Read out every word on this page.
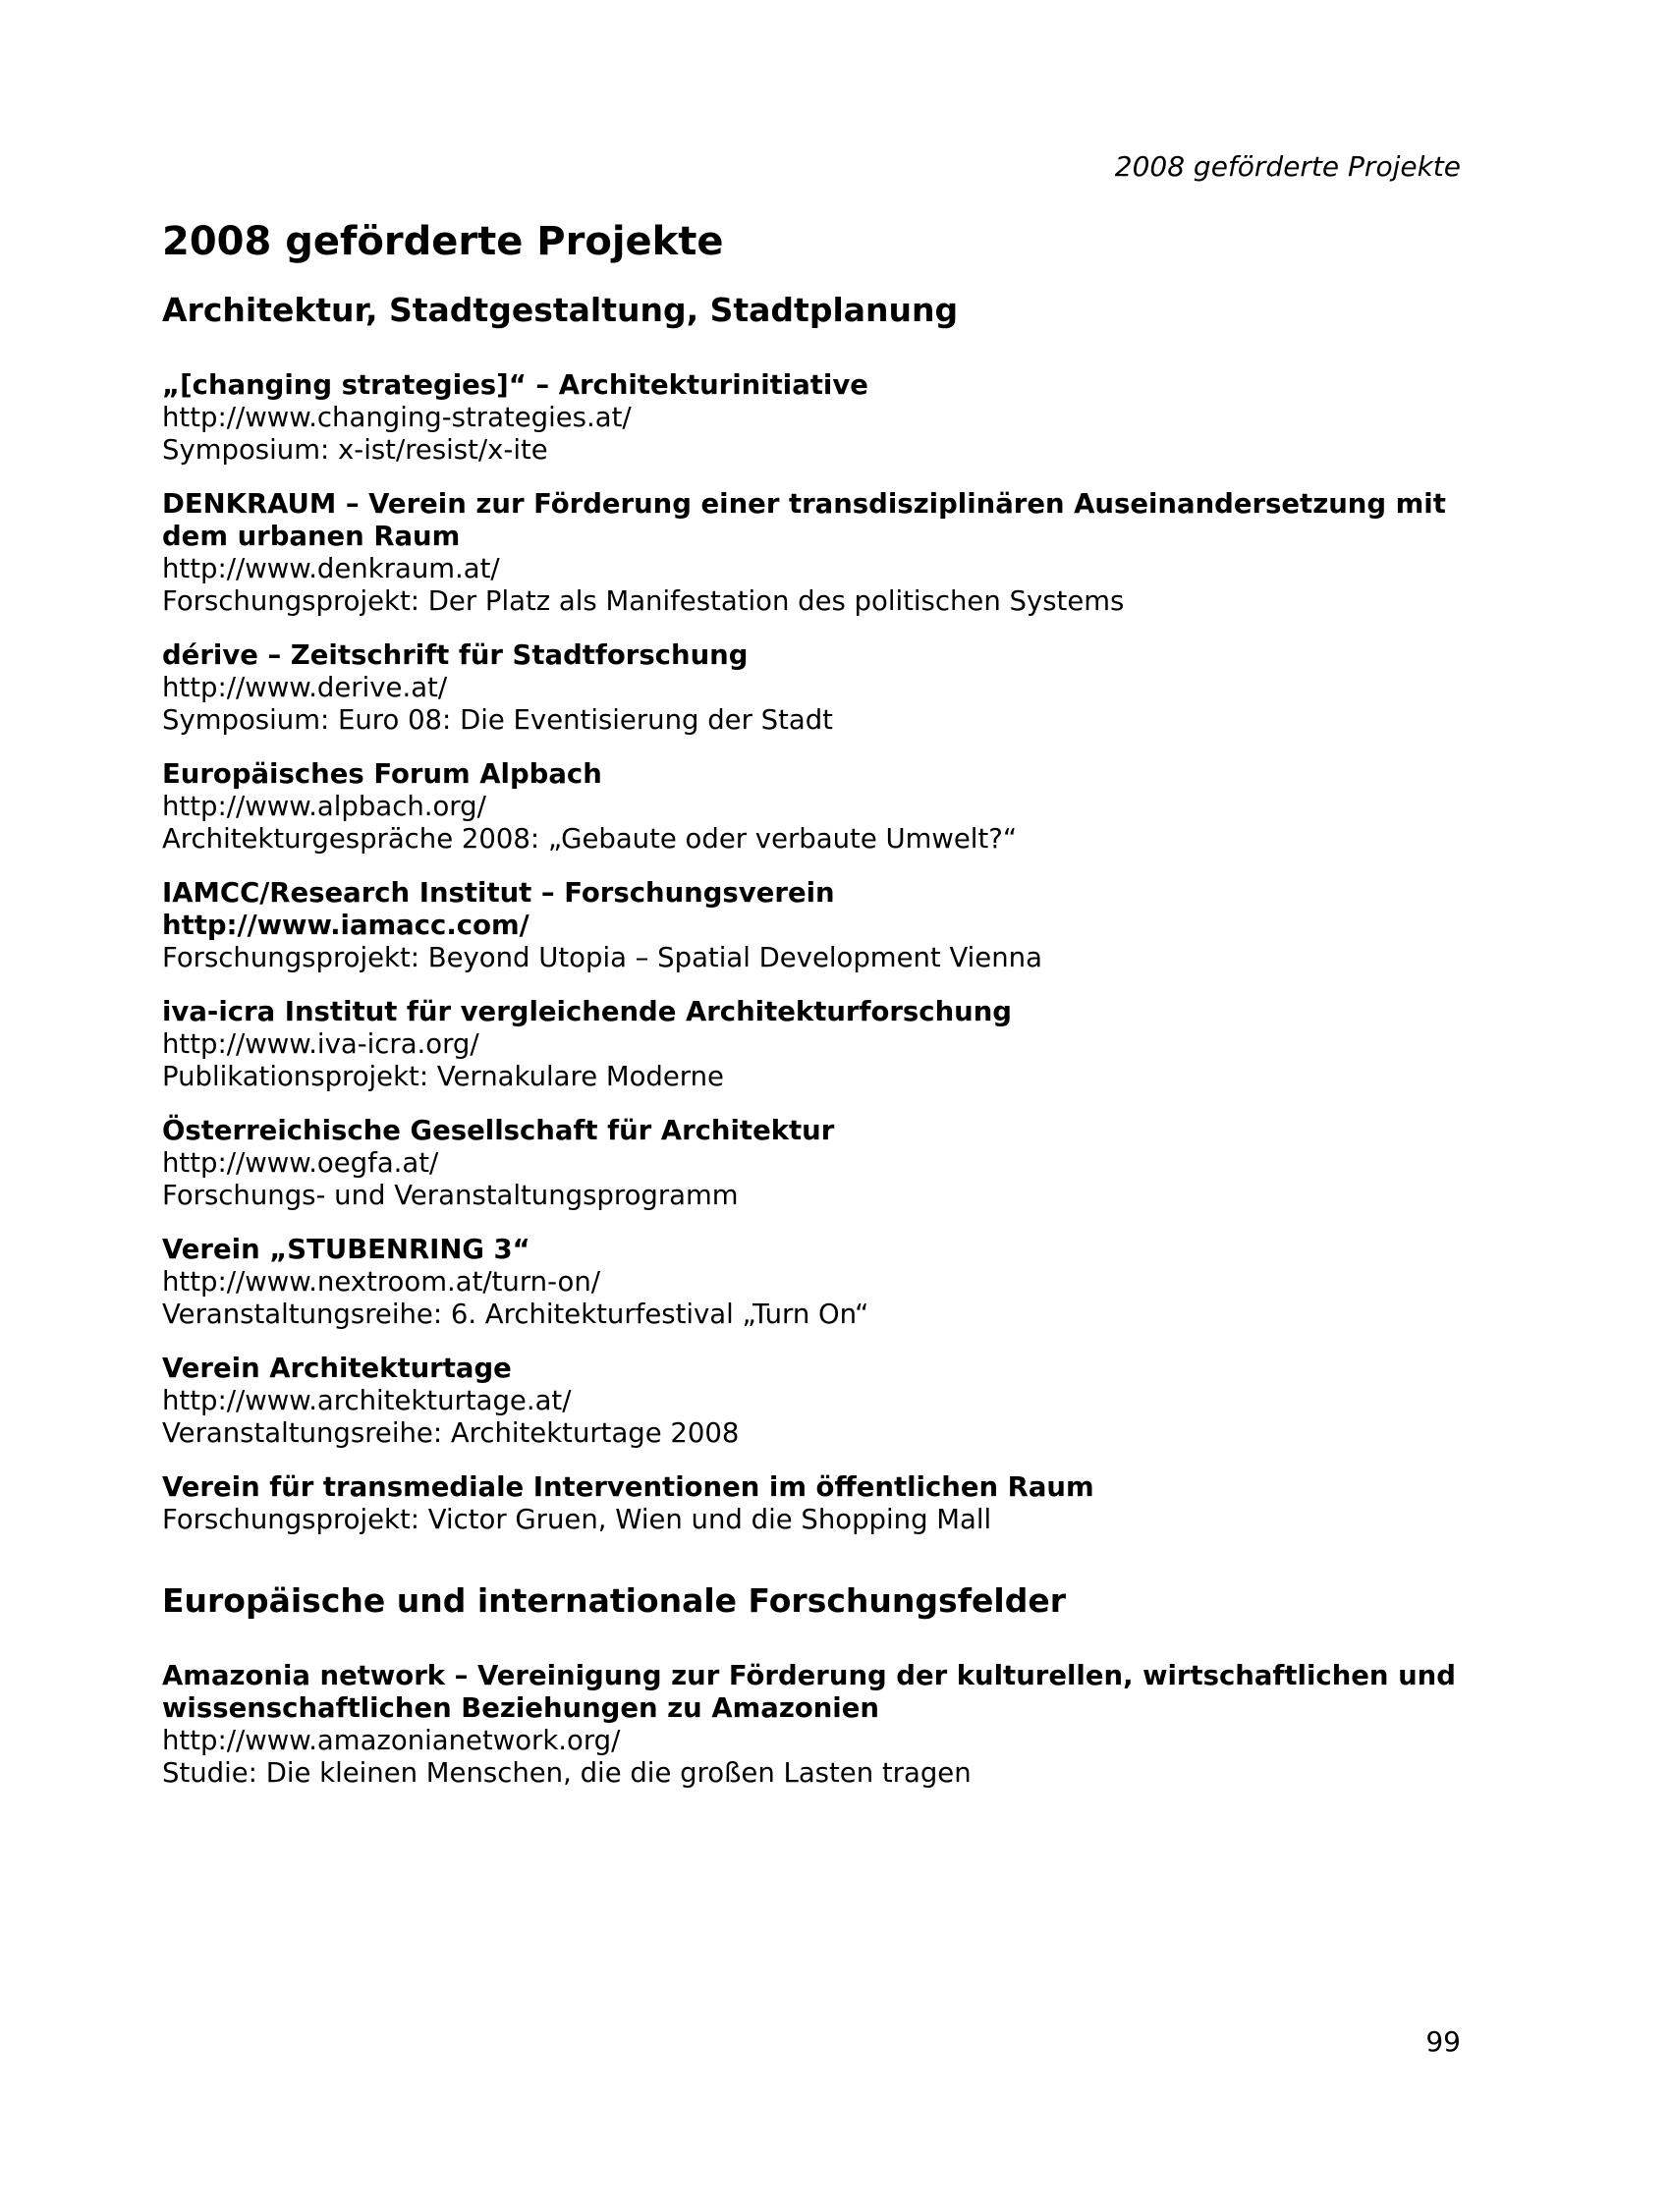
2008 geförderte Projekte
2008 geförderte Projekte
Architektur, Stadtgestaltung, Stadtplanung
„[changing strategies]“ – Architekturinitiative
http://www.changing-strategies.at/
Symposium: x-ist/resist/x-ite
DENKRAUM – Verein zur Förderung einer transdisziplinären Auseinandersetzung mit dem urbanen Raum
http://www.denkraum.at/
Forschungsprojekt: Der Platz als Manifestation des politischen Systems
dérive – Zeitschrift für Stadtforschung
http://www.derive.at/
Symposium: Euro 08: Die Eventisierung der Stadt
Europäisches Forum Alpbach
http://www.alpbach.org/
Architekturgespräche 2008: „Gebaute oder verbaute Umwelt?“
IAMCC/Research Institut – Forschungsverein
http://www.iamacc.com/
Forschungsprojekt: Beyond Utopia – Spatial Development Vienna
iva-icra Institut für vergleichende Architekturforschung
http://www.iva-icra.org/
Publikationsprojekt: Vernakulare Moderne
Österreichische Gesellschaft für Architektur
http://www.oegfa.at/
Forschungs- und Veranstaltungsprogramm
Verein „STUBENRING 3“
http://www.nextroom.at/turn-on/
Veranstaltungsreihe: 6. Architekturfestival „Turn On“
Verein Architekturtage
http://www.architekturtage.at/
Veranstaltungsreihe: Architekturtage 2008
Verein für transmediale Interventionen im öffentlichen Raum
Forschungsprojekt: Victor Gruen, Wien und die Shopping Mall
Europäische und internationale Forschungsfelder
Amazonia network – Vereinigung zur Förderung der kulturellen, wirtschaftlichen und wissenschaftlichen Beziehungen zu Amazonien
http://www.amazonianetwork.org/
Studie: Die kleinen Menschen, die die großen Lasten tragen
99
